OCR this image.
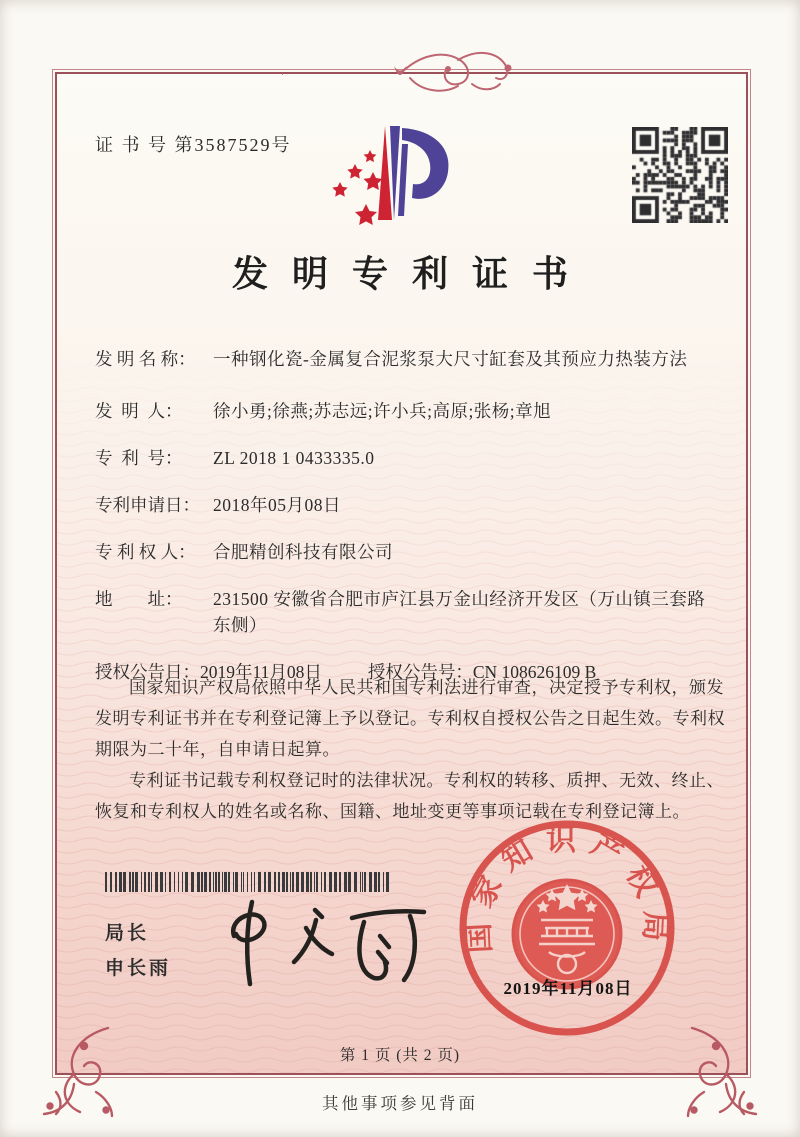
证 书 号 第3587529号
发明专利证书
发 明 名 称： 一种钢化瓷-金属复合泥浆泵大尺寸缸套及其预应力热装方法
发  明  人： 徐小勇;徐燕;苏志远;许小兵;高原;张杨;章旭
专  利  号： ZL 2018 1 0433335.0
专利申请日： 2018年05月08日
专 利 权 人： 合肥精创科技有限公司
地        址： 231500 安徽省合肥市庐江县万金山经济开发区（万山镇三套路东侧）
授权公告日：2019年11月08日	授权公告号：CN 108626109 B

国家知识产权局依照中华人民共和国专利法进行审查，决定授予专利权，颁发发明专利证书并在专利登记簿上予以登记。专利权自授权公告之日起生效。专利权期限为二十年，自申请日起算。

专利证书记载专利权登记时的法律状况。专利权的转移、质押、无效、终止、恢复和专利权人的姓名或名称、国籍、地址变更等事项记载在专利登记簿上。

局长
申长雨
国家知识产权局
2019年11月08日
第 1 页 (共 2 页)
其他事项参见背面
